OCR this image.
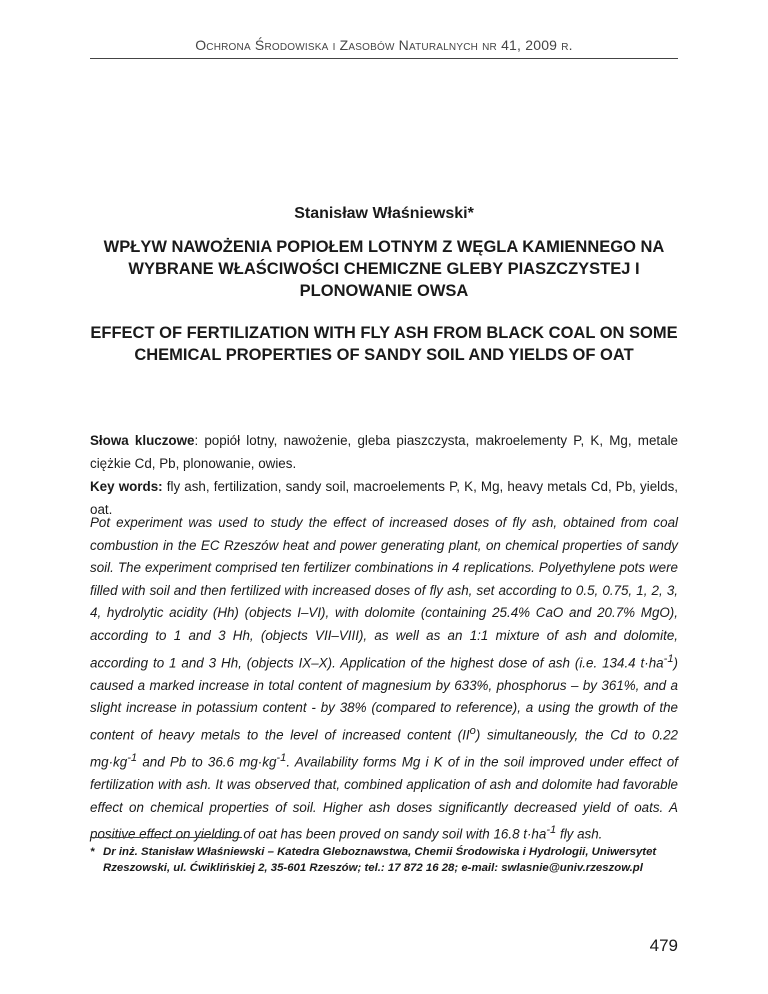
Ochrona Środowiska i Zasobów Naturalnych nr 41, 2009 r.
Stanisław Właśniewski*
WPŁYW NAWOŻENIA POPIOŁEM LOTNYM Z WĘGLA KAMIENNEGO NA WYBRANE WŁAŚCIWOŚCI CHEMICZNE GLEBY PIASZCZYSTEJ I PLONOWANIE OWSA
EFFECT OF FERTILIZATION WITH FLY ASH FROM BLACK COAL ON SOME CHEMICAL PROPERTIES OF SANDY SOIL AND YIELDS OF OAT

Słowa kluczowe: popiół lotny, nawożenie, gleba piaszczysta, makroelementy P, K, Mg, metale ciężkie Cd, Pb, plonowanie, owies.

Key words: fly ash, fertilization, sandy soil, macroelements P, K, Mg, heavy metals Cd, Pb, yields, oat.

Pot experiment was used to study the effect of increased doses of fly ash, obtained from coal combustion in the EC Rzeszów heat and power generating plant, on chemical properties of sandy soil. The experiment comprised ten fertilizer combinations in 4 replications. Polyethylene pots were filled with soil and then fertilized with increased doses of fly ash, set according to 0.5, 0.75, 1, 2, 3, 4, hydrolytic acidity (Hh) (objects I–VI), with dolomite (containing 25.4% CaO and 20.7% MgO), according to 1 and 3 Hh, (objects VII–VIII), as well as an 1:1 mixture of ash and dolomite, according to 1 and 3 Hh, (objects IX–X). Application of the highest dose of ash (i.e. 134.4 $t\cdot ha^{-1}$) caused a marked increase in total content of magnesium by 633%, phosphorus – by 361%, and a slight increase in potassium content - by 38% (compared to reference), a using the growth of the content of heavy metals to the level of increased content $(II^o)$ simultaneously, the Cd to 0.22 $mg\cdot kg^{-1}$ and Pb to 36.6 $mg\cdot kg^{-1}$. Availability forms Mg i K of in the soil improved under effect of fertilization with ash. It was observed that, combined application of ash and dolomite had favorable effect on chemical properties of soil. Higher ash doses significantly decreased yield of oats. A positive effect on yielding of oat has been proved on sandy soil with 16.8 $t\cdot ha^{-1}$ fly ash.

* Dr inż. Stanisław Właśniewski – Katedra Gleboznawstwa, Chemii Środowiska i Hydrologii, Uniwersytet Rzeszowski, ul. Ćwiklińskiej 2, 35-601 Rzeszów; tel.: 17 872 16 28; e-mail: swlasnie@univ.rzeszow.pl
479
